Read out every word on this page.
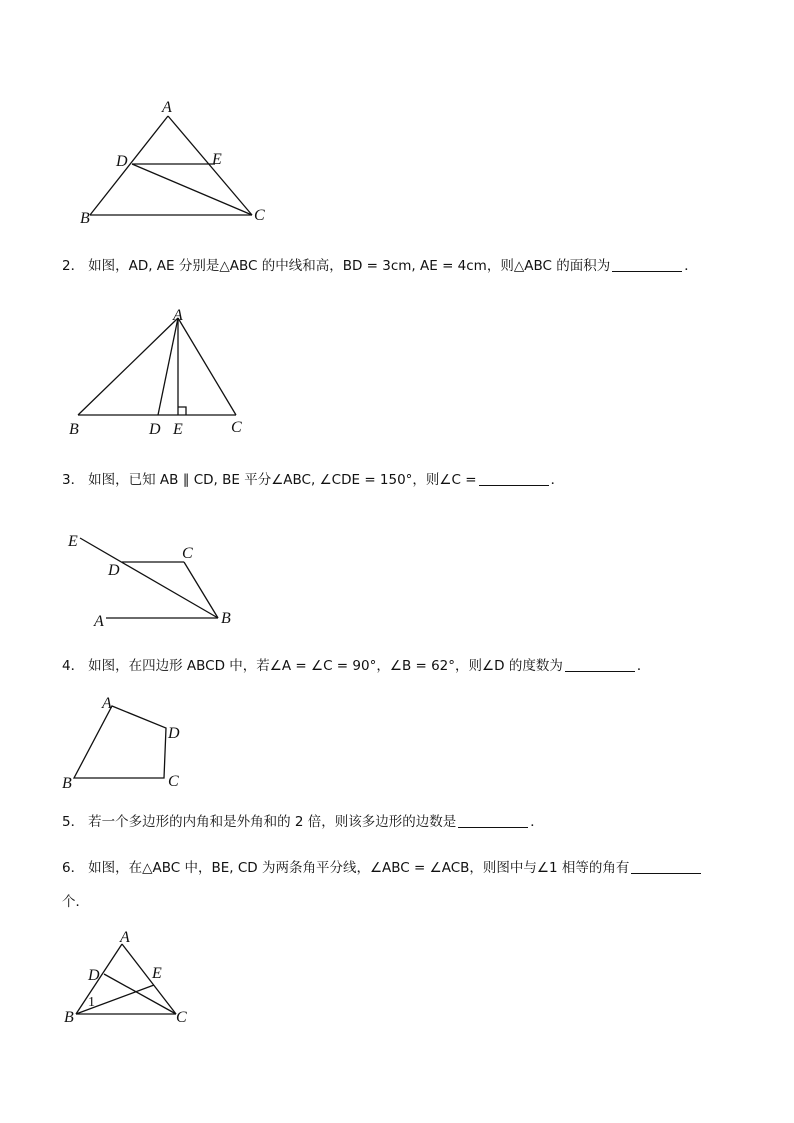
A
D	E
B	C
2． 如图，AD, AE 分别是△ABC 的中线和高，BD = 3cm, AE = 4cm，则△ABC 的面积为	．
A
B	D E	C
3． 如图，已知 AB ∥ CD, BE 平分∠ABC, ∠CDE = 150°，则∠C =	．
E
D
C
A	B
4． 如图，在四边形 ABCD 中，若∠A = ∠C = 90°，∠B = 62°，则∠D 的度数为	．
A
D
C
B
5． 若一个多边形的内角和是外角和的 2 倍，则该多边形的边数是	．
6． 如图，在△ABC 中，BE, CD 为两条角平分线，∠ABC = ∠ACB，则图中与∠1 相等的角有
个．
A
D	E
1
B	C
